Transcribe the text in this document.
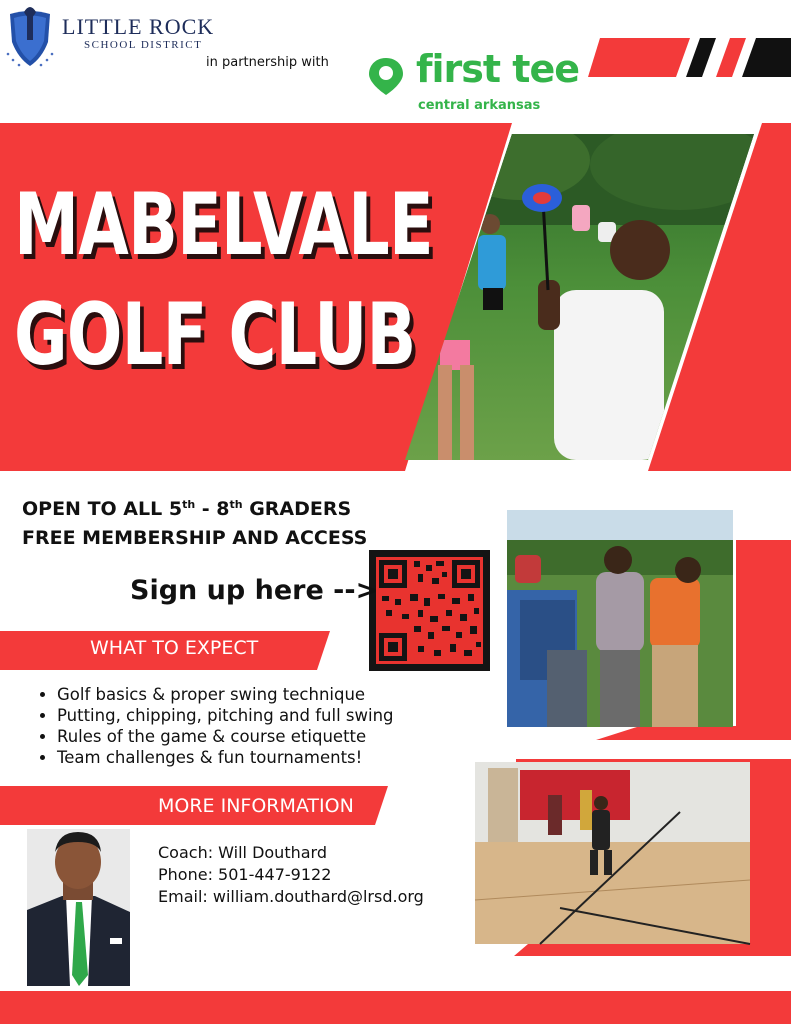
LITTLE ROCK
SCHOOL DISTRICT
in partnership with first tee
central arkansas
MABELVALE
GOLF CLUB
OPEN TO ALL 5th - 8th GRADERS
FREE MEMBERSHIP AND ACCESS
Sign up here -->
WHAT TO EXPECT
• Golf basics & proper swing technique
• Putting, chipping, pitching and full swing
• Rules of the game & course etiquette
• Team challenges & fun tournaments!
MORE INFORMATION
Coach: Will Douthard
Phone: 501-447-9122
Email: william.douthard@lrsd.org
